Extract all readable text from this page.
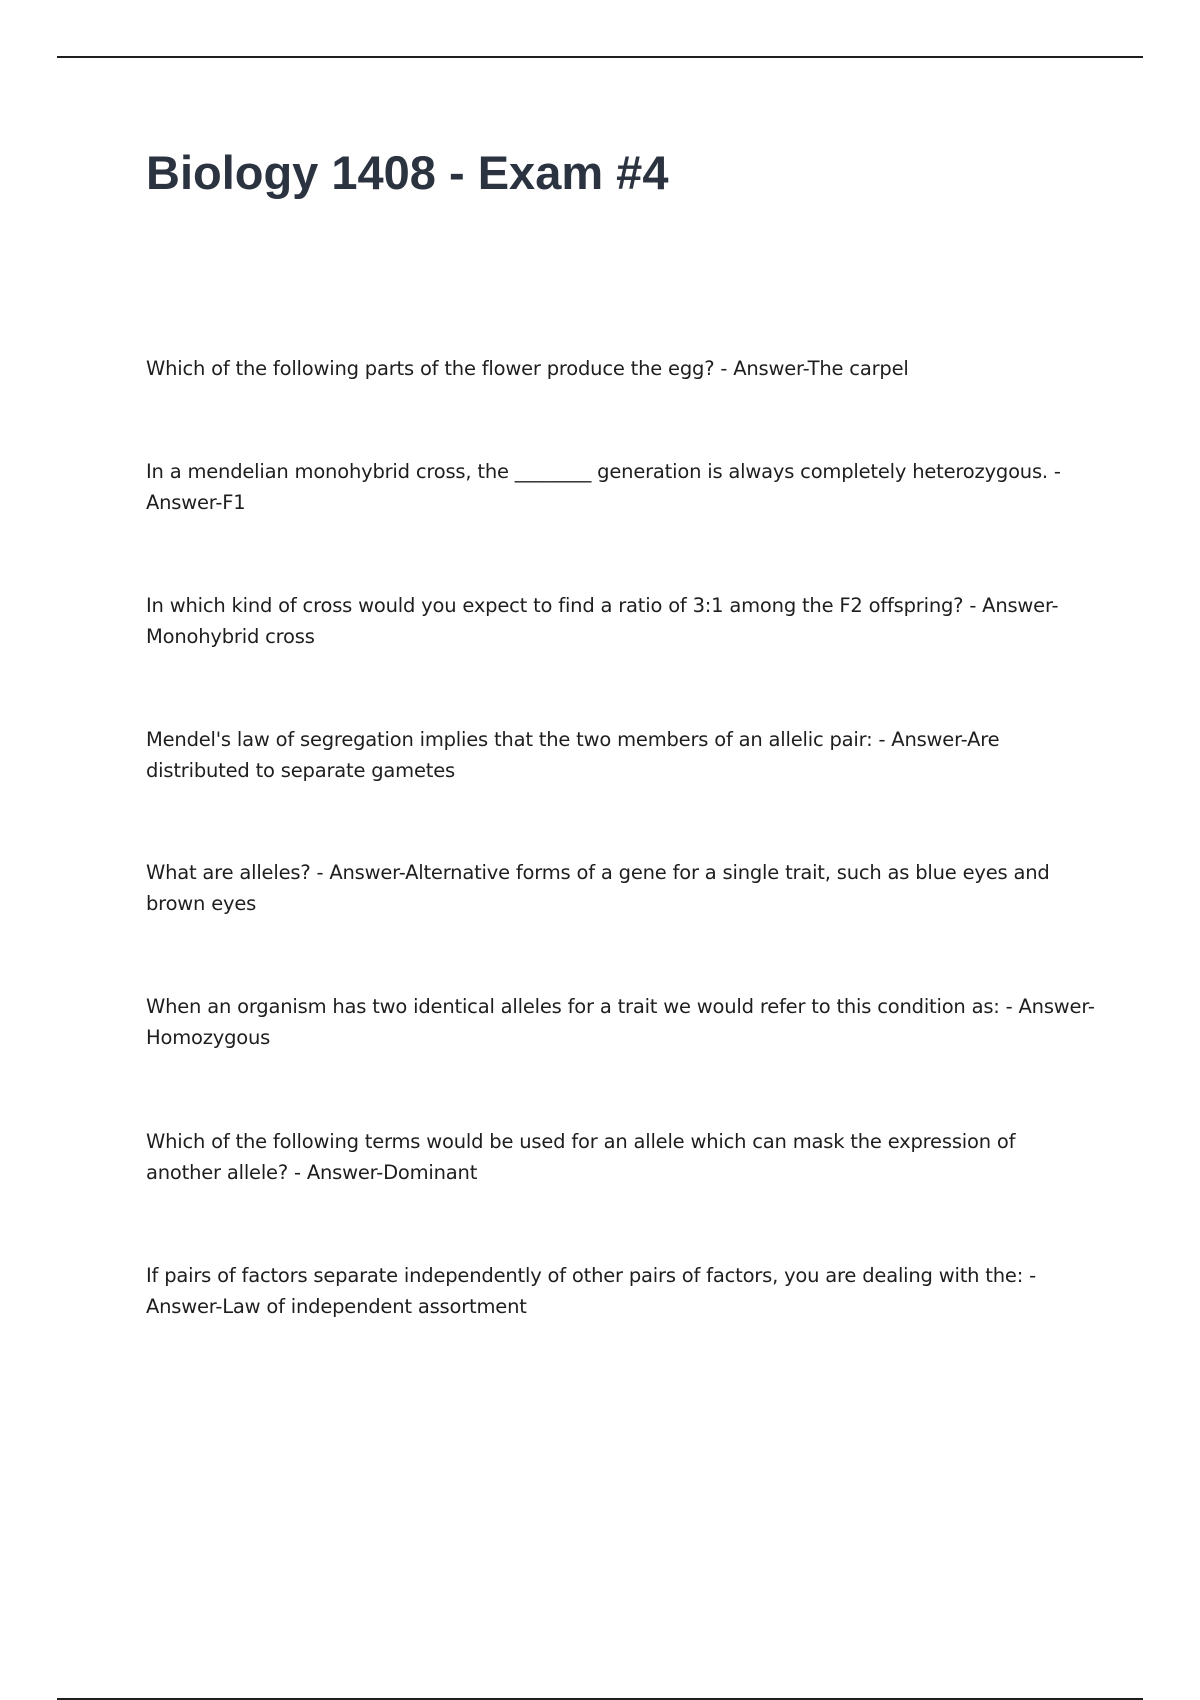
Biology 1408 - Exam #4

Which of the following parts of the flower produce the egg? - Answer-The carpel

In a mendelian monohybrid cross, the ________ generation is always completely heterozygous. - Answer-F1

In which kind of cross would you expect to find a ratio of 3:1 among the F2 offspring? - Answer-Monohybrid cross

Mendel's law of segregation implies that the two members of an allelic pair: - Answer-Are distributed to separate gametes

What are alleles? - Answer-Alternative forms of a gene for a single trait, such as blue eyes and brown eyes

When an organism has two identical alleles for a trait we would refer to this condition as: - Answer-Homozygous

Which of the following terms would be used for an allele which can mask the expression of another allele? - Answer-Dominant

If pairs of factors separate independently of other pairs of factors, you are dealing with the: - Answer-Law of independent assortment
